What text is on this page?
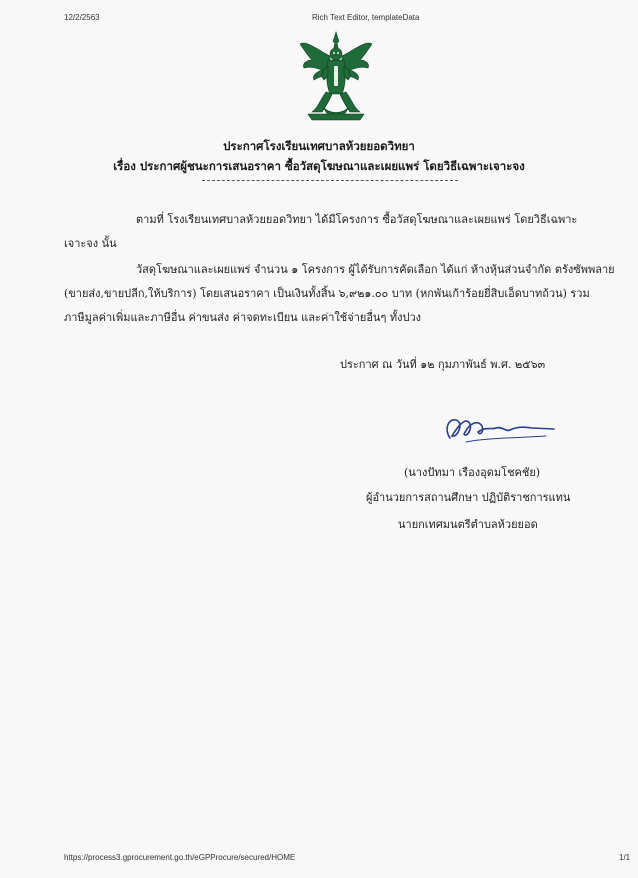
12/2/2563	Rich Text Editor, templateData
ประกาศโรงเรียนเทศบาลห้วยยอดวิทยา
เรื่อง ประกาศผู้ชนะการเสนอราคา ซื้อวัสดุโฆษณาและเผยแพร่ โดยวิธีเฉพาะเจาะจง
ตามที่ โรงเรียนเทศบาลห้วยยอดวิทยา ได้มีโครงการ ซื้อวัสดุโฆษณาและเผยแพร่ โดยวิธีเฉพาะ
เจาะจง นั้น
วัสดุโฆษณาและเผยแพร่ จำนวน ๑ โครงการ ผู้ได้รับการคัดเลือก ได้แก่ ห้างหุ้นส่วนจำกัด ตรังซัพพลาย
(ขายส่ง,ขายปลีก,ให้บริการ) โดยเสนอราคา เป็นเงินทั้งสิ้น ๖,๙๒๑.๐๐ บาท (หกพันเก้าร้อยยี่สิบเอ็ดบาทถ้วน) รวม
ภาษีมูลค่าเพิ่มและภาษีอื่น ค่าขนส่ง ค่าจดทะเบียน และค่าใช้จ่ายอื่นๆ ทั้งปวง
ประกาศ ณ วันที่ ๑๒ กุมภาพันธ์ พ.ศ. ๒๕๖๓
(นางปัทมา เรืองอุดมโชคชัย)
ผู้อำนวยการสถานศึกษา ปฏิบัติราชการแทน
นายกเทศมนตรีตำบลห้วยยอด
https://process3.gprocurement.go.th/eGPProcure/secured/HOME	1/1
